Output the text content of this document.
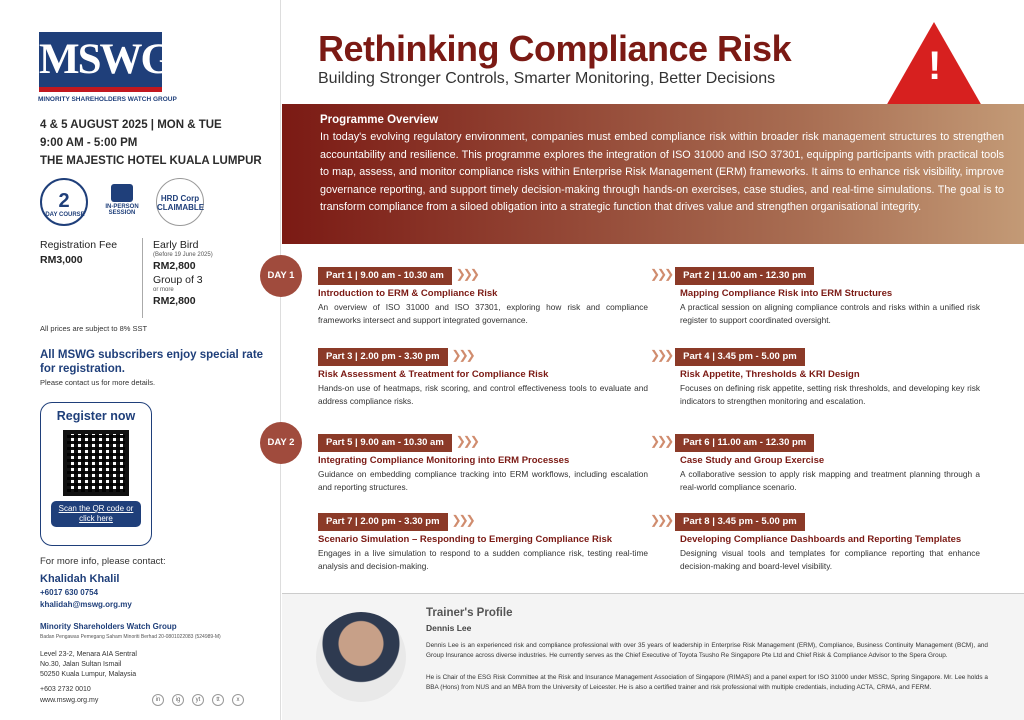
MSWG
MINORITY SHAREHOLDERS WATCH GROUP
4 & 5 AUGUST 2025 | MON & TUE
9:00 AM - 5:00 PM
THE MAJESTIC HOTEL KUALA LUMPUR
2
-DAY COURSE
IN-PERSON SESSION
HRD Corp CLAIMABLE
Registration Fee
RM3,000
Early Bird
(Before 19 June 2025)
RM2,800
Group of 3
or more
RM2,800
All prices are subject to 8% SST
All MSWG subscribers enjoy special rate for registration.
Please contact us for more details.
Register now
Scan the QR code or click here
For more info, please contact:
Khalidah Khalil
+6017 630 0754
khalidah@mswg.org.my
Minority Shareholders Watch Group
Badan Pengawas Pemegang Saham Minoriti Berhad 20-0801022083 (524989-M)
Level 23-2, Menara AIA Sentral
No.30, Jalan Sultan Ismail
50250 Kuala Lumpur, Malaysia
+603 2732 0010
www.mswg.org.my	in	ig	yt	tt	x
Rethinking Compliance Risk
Building Stronger Controls, Smarter Monitoring, Better Decisions	!
Programme Overview
In today's evolving regulatory environment, companies must embed compliance risk within broader risk management structures to strengthen accountability and resilience. This programme explores the integration of ISO 31000 and ISO 37301, equipping participants with practical tools to map, assess, and monitor compliance risks within Enterprise Risk Management (ERM) frameworks. It aims to enhance risk visibility, improve governance reporting, and support timely decision-making through hands-on exercises, case studies, and real-time simulations. The goal is to transform compliance from a siloed obligation into a strategic function that drives value and strengthen organisational integrity.
DAY 1
DAY 2
Part 1 | 9.00 am - 10.30 am ❯❯❯
Introduction to ERM & Compliance Risk
An overview of ISO 31000 and ISO 37301, exploring how risk and compliance frameworks intersect and support integrated governance.
❯❯❯ Part 2 | 11.00 am - 12.30 pm
Mapping Compliance Risk into ERM Structures
A practical session on aligning compliance controls and risks within a unified risk register to support coordinated oversight.
Part 3 | 2.00 pm - 3.30 pm ❯❯❯
Risk Assessment & Treatment for Compliance Risk
Hands-on use of heatmaps, risk scoring, and control effectiveness tools to evaluate and address compliance risks.
❯❯❯ Part 4 | 3.45 pm - 5.00 pm
Risk Appetite, Thresholds & KRI Design
Focuses on defining risk appetite, setting risk thresholds, and developing key risk indicators to strengthen monitoring and escalation.
Part 5 | 9.00 am - 10.30 am ❯❯❯
Integrating Compliance Monitoring into ERM Processes
Guidance on embedding compliance tracking into ERM workflows, including escalation and reporting structures.
❯❯❯ Part 6 | 11.00 am - 12.30 pm
Case Study and Group Exercise
A collaborative session to apply risk mapping and treatment planning through a real-world compliance scenario.
Part 7 | 2.00 pm - 3.30 pm ❯❯❯
Scenario Simulation – Responding to Emerging Compliance Risk
Engages in a live simulation to respond to a sudden compliance risk, testing real-time analysis and decision-making.
❯❯❯ Part 8 | 3.45 pm - 5.00 pm
Developing Compliance Dashboards and Reporting Templates
Designing visual tools and templates for compliance reporting that enhance decision-making and board-level visibility.
Trainer's Profile
Dennis Lee
Dennis Lee is an experienced risk and compliance professional with over 35 years of leadership in Enterprise Risk Management (ERM), Compliance, Business Continuity Management (BCM), and Group Insurance across diverse industries. He currently serves as the Chief Executive of Toyota Tsusho Re Singapore Pte Ltd and Chief Risk & Compliance Advisor to the Spera Group.
He is Chair of the ESG Risk Committee at the Risk and Insurance Management Association of Singapore (RIMAS) and a panel expert for ISO 31000 under MSSC, Spring Singapore. Mr. Lee holds a BBA (Hons) from NUS and an MBA from the University of Leicester. He is also a certified trainer and risk professional with multiple credentials, including ACTA, CRMA, and FERM.
